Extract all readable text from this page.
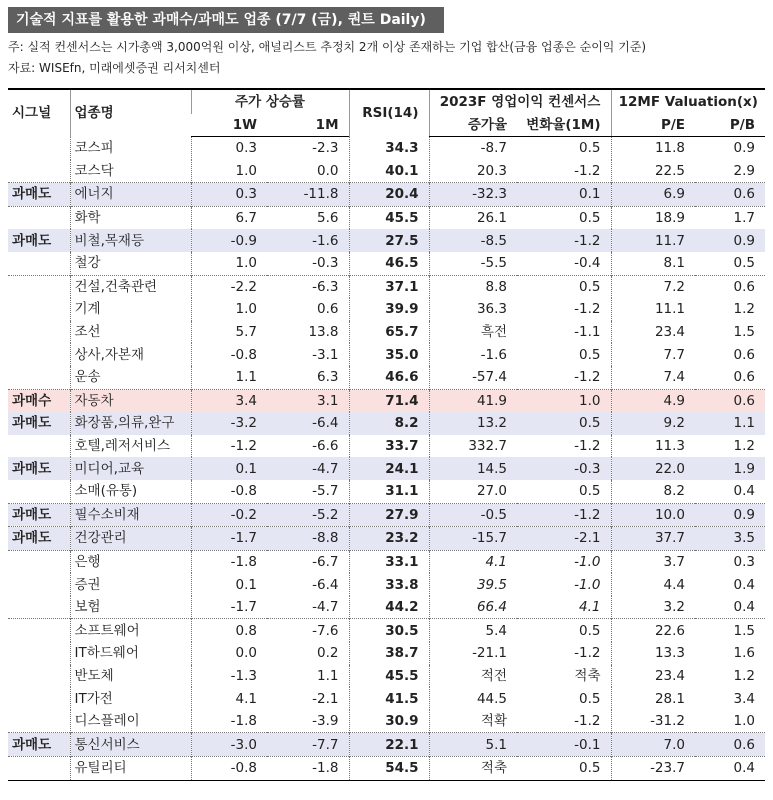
기술적 지표를 활용한 과매수/과매도 업종 (7/7 (금), 퀀트 Daily)
주: 실적 컨센서스는 시가총액 3,000억원 이상, 애널리스트 추정치 2개 이상 존재하는 기업 합산(금융 업종은 순이익 기준)
자료: WISEfn, 미래에셋증권 리서치센터
시그널	업종명	주가 상승률		RSI(14)	2023F 영업이익 컨센서스		12MF Valuation(x)	
		1W	1M		증가율	변화율(1M)	P/E	P/B
	코스피	0.3	-2.3	34.3	-8.7	0.5	11.8	0.9
	코스닥	1.0	0.0	40.1	20.3	-1.2	22.5	2.9
과매도	에너지	0.3	-11.8	20.4	-32.3	0.1	6.9	0.6
	화학	6.7	5.6	45.5	26.1	0.5	18.9	1.7
과매도	비철,목재등	-0.9	-1.6	27.5	-8.5	-1.2	11.7	0.9
	철강	1.0	-0.3	46.5	-5.5	-0.4	8.1	0.5
	건설,건축관련	-2.2	-6.3	37.1	8.8	0.5	7.2	0.6
	기계	1.0	0.6	39.9	36.3	-1.2	11.1	1.2
	조선	5.7	13.8	65.7	흑전	-1.1	23.4	1.5
	상사,자본재	-0.8	-3.1	35.0	-1.6	0.5	7.7	0.6
	운송	1.1	6.3	46.6	-57.4	-1.2	7.4	0.6
과매수	자동차	3.4	3.1	71.4	41.9	1.0	4.9	0.6
과매도	화장품,의류,완구	-3.2	-6.4	8.2	13.2	0.5	9.2	1.1
	호텔,레저서비스	-1.2	-6.6	33.7	332.7	-1.2	11.3	1.2
과매도	미디어,교육	0.1	-4.7	24.1	14.5	-0.3	22.0	1.9
	소매(유통)	-0.8	-5.7	31.1	27.0	0.5	8.2	0.4
과매도	필수소비재	-0.2	-5.2	27.9	-0.5	-1.2	10.0	0.9
과매도	건강관리	-1.7	-8.8	23.2	-15.7	-2.1	37.7	3.5
	은행	-1.8	-6.7	33.1	4.1	-1.0	3.7	0.3
	증권	0.1	-6.4	33.8	39.5	-1.0	4.4	0.4
	보험	-1.7	-4.7	44.2	66.4	4.1	3.2	0.4
	소프트웨어	0.8	-7.6	30.5	5.4	0.5	22.6	1.5
	IT하드웨어	0.0	0.2	38.7	-21.1	-1.2	13.3	1.6
	반도체	-1.3	1.1	45.5	적전	적축	23.4	1.2
	IT가전	4.1	-2.1	41.5	44.5	0.5	28.1	3.4
	디스플레이	-1.8	-3.9	30.9	적확	-1.2	-31.2	1.0
과매도	통신서비스	-3.0	-7.7	22.1	5.1	-0.1	7.0	0.6
	유틸리티	-0.8	-1.8	54.5	적축	0.5	-23.7	0.4
